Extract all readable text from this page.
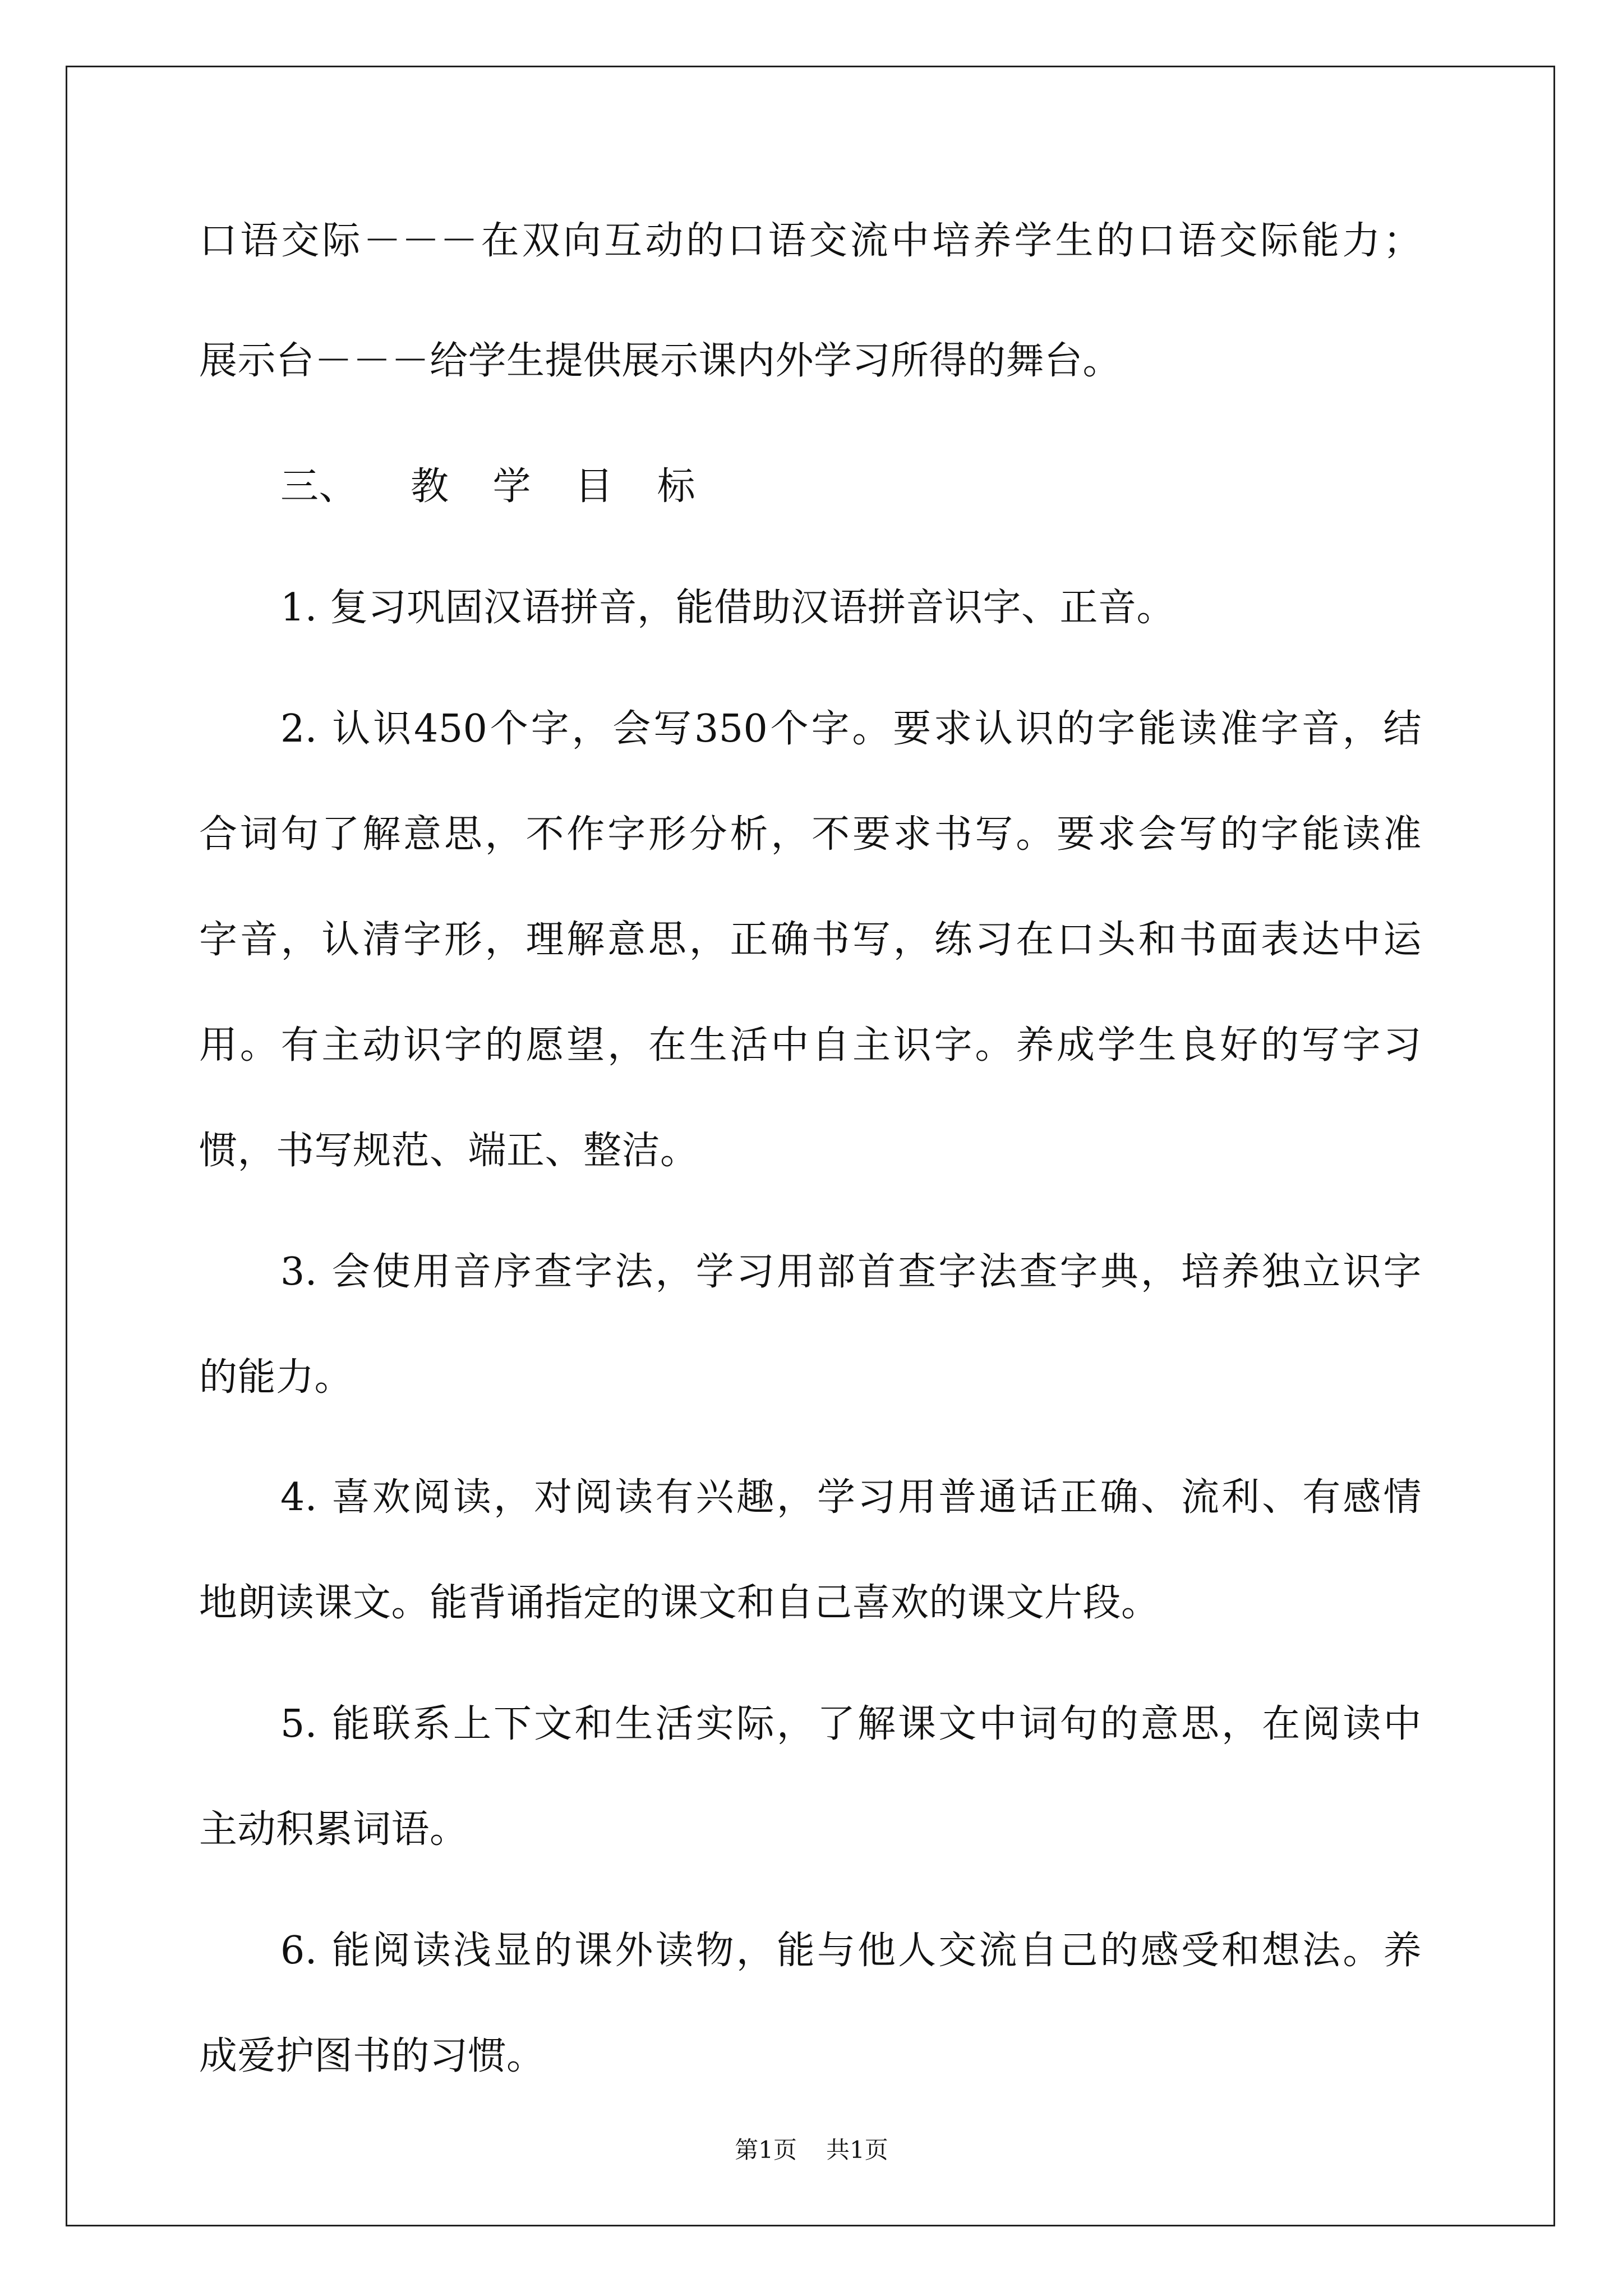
口语交际－－－在双向互动的口语交流中培养学生的口语交际能力；
展示台－－－给学生提供展示课内外学习所得的舞台。
三、 教 学 目 标
1. 复习巩固汉语拼音，能借助汉语拼音识字、正音。
2. 认识450个字，会写350个字。要求认识的字能读准字音，结
合词句了解意思，不作字形分析，不要求书写。要求会写的字能读准
字音，认清字形，理解意思，正确书写，练习在口头和书面表达中运
用。有主动识字的愿望，在生活中自主识字。养成学生良好的写字习
惯，书写规范、端正、整洁。
3. 会使用音序查字法，学习用部首查字法查字典，培养独立识字
的能力。
4. 喜欢阅读，对阅读有兴趣，学习用普通话正确、流利、有感情
地朗读课文。能背诵指定的课文和自己喜欢的课文片段。
5. 能联系上下文和生活实际，了解课文中词句的意思，在阅读中
主动积累词语。
6. 能阅读浅显的课外读物，能与他人交流自己的感受和想法。养
成爱护图书的习惯。
第1页 共1页
